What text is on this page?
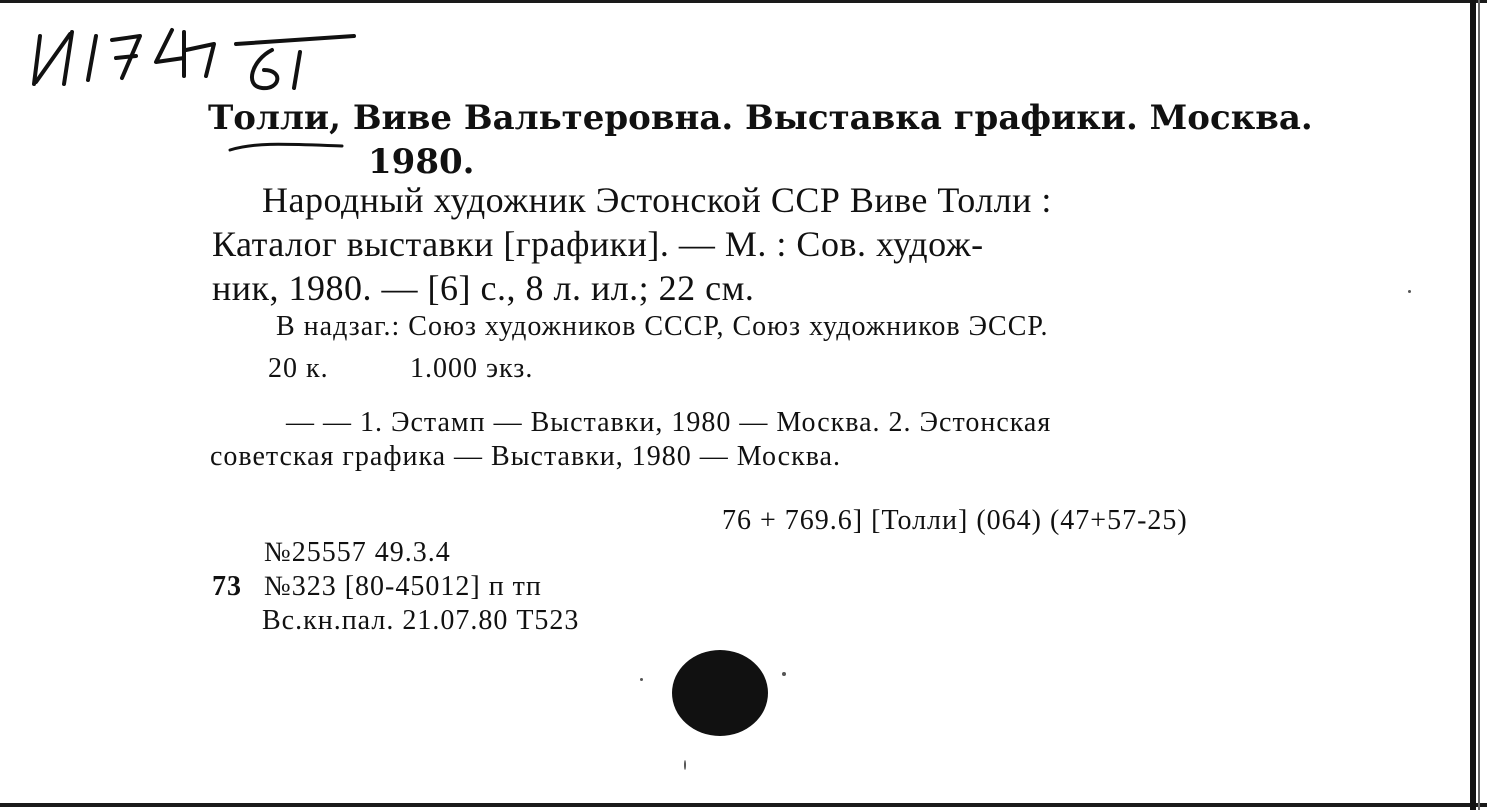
Толли, Виве Вальтеровна. Выставка графики. Москва.
1980.
Народный художник Эстонской ССР Виве Толли :
Каталог выставки [графики]. — М. : Сов. худож-
ник, 1980. — [6] с., 8 л. ил.; 22 см.
В надзаг.: Союз художников СССР, Союз художников ЭССР.
20 к.	1.000 экз.
— — 1. Эстамп — Выставки, 1980 — Москва. 2. Эстонская
советская графика — Выставки, 1980 — Москва.
76 + 769.6] [Толли] (064) (47+57-25)
№25557 49.3.4
73 №323 [80-45012] п тп
Вс.кн.пал. 21.07.80 Т523
